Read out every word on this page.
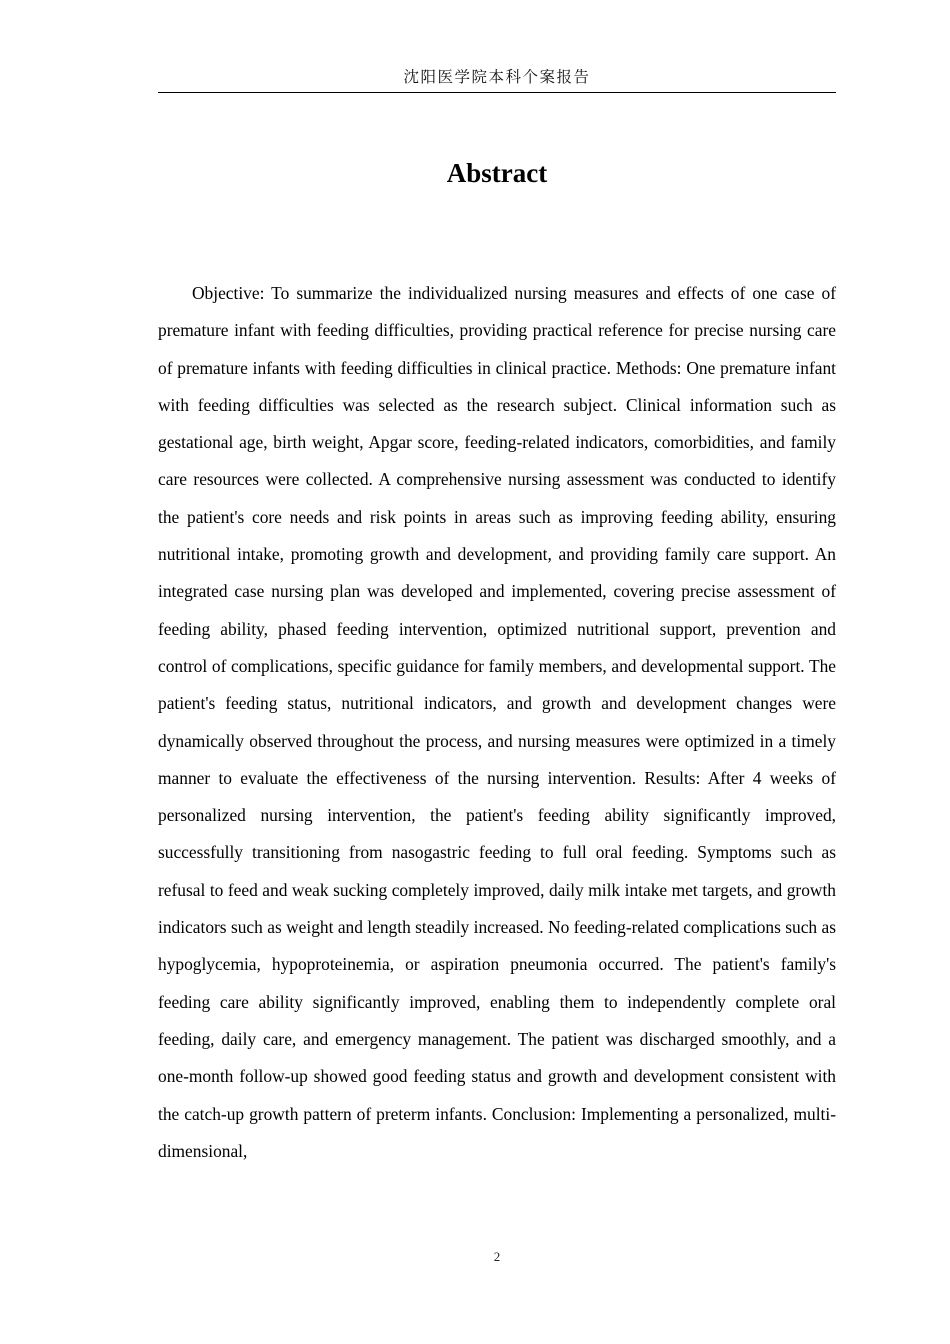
沈阳医学院本科个案报告
Abstract

Objective: To summarize the individualized nursing measures and effects of one case of premature infant with feeding difficulties, providing practical reference for precise nursing care of premature infants with feeding difficulties in clinical practice. Methods: One premature infant with feeding difficulties was selected as the research subject. Clinical information such as gestational age, birth weight, Apgar score, feeding-related indicators, comorbidities, and family care resources were collected. A comprehensive nursing assessment was conducted to identify the patient's core needs and risk points in areas such as improving feeding ability, ensuring nutritional intake, promoting growth and development, and providing family care support. An integrated case nursing plan was developed and implemented, covering precise assessment of feeding ability, phased feeding intervention, optimized nutritional support, prevention and control of complications, specific guidance for family members, and developmental support. The patient's feeding status, nutritional indicators, and growth and development changes were dynamically observed throughout the process, and nursing measures were optimized in a timely manner to evaluate the effectiveness of the nursing intervention. Results: After 4 weeks of personalized nursing intervention, the patient's feeding ability significantly improved, successfully transitioning from nasogastric feeding to full oral feeding. Symptoms such as refusal to feed and weak sucking completely improved, daily milk intake met targets, and growth indicators such as weight and length steadily increased. No feeding-related complications such as hypoglycemia, hypoproteinemia, or aspiration pneumonia occurred. The patient's family's feeding care ability significantly improved, enabling them to independently complete oral feeding, daily care, and emergency management. The patient was discharged smoothly, and a one-month follow-up showed good feeding status and growth and development consistent with the catch-up growth pattern of preterm infants. Conclusion: Implementing a personalized, multi-dimensional,

2
